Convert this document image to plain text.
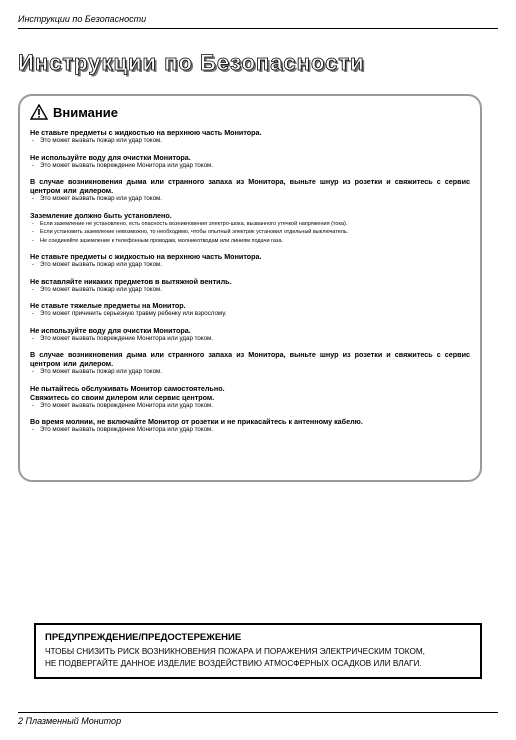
Инструкции по Безопасности
Инструкции по Безопасности
Внимание
Не ставьте предметы с жидкостью на верхнюю часть Монитора.
- Это может вызвать пожар или удар током.
Не используйте воду для очистки Монитора.
- Это может вызвать повреждение Монитора или удар током.
В случае возникновения дыма или странного запаха из Монитора, выньте шнур из розетки и свяжитесь с сервис центром или дилером.
- Это может вызвать пожар или удар током.
Заземление должно быть установлено.
-	Если заземление не установлено, есть опасность возникновения электро-шока, вызванного утечкой напряжения (тока).
-	Если установить заземление невозможно, то необходимо, чтобы опытный электрик установил отдельный выключатель.
-	Не соединяйте заземление к телефонным проводам, молниеотводам или линиям подачи газа.
Не ставьте предметы с жидкостью на верхнюю часть Монитора.
- Это может вызвать пожар или удар током.
Не вставляйте никаких предметов в вытяжной вентиль.
- Это может вызвать пожар или удар током.
Не ставьте тяжелые предметы на Монитор.
- Это может причинить серьезную травму ребенку или взрослому.
Не используйте воду для очистки Монитора.
- Это может вызвать повреждение Монитора или удар током.
В случае возникновения дыма или странного запаха из Монитора, выньте шнур из розетки и свяжитесь с сервис центром или дилером.
- Это может вызвать пожар или удар током.
Не пытайтесь обслуживать Монитор самостоятельно.
Свяжитесь со своим дилером или сервис центром.
- Это может вызвать повреждение Монитора или удар током.
Во время молнии, не включайте Монитор от розетки и не прикасайтесь к антенному кабелю.
- Это может вызвать повреждение Монитора или удар током.
ПРЕДУПРЕЖДЕНИЕ/ПРЕДОСТЕРЕЖЕНИЕ
ЧТОБЫ СНИЗИТЬ РИСК ВОЗНИКНОВЕНИЯ ПОЖАРА И ПОРАЖЕНИЯ ЭЛЕКТРИЧЕСКИМ ТОКОМ,
НЕ ПОДВЕРГАЙТЕ ДАННОЕ ИЗДЕЛИЕ ВОЗДЕЙСТВИЮ АТМОСФЕРНЫХ ОСАДКОВ ИЛИ ВЛАГИ.
2 Плазменный Монитор
